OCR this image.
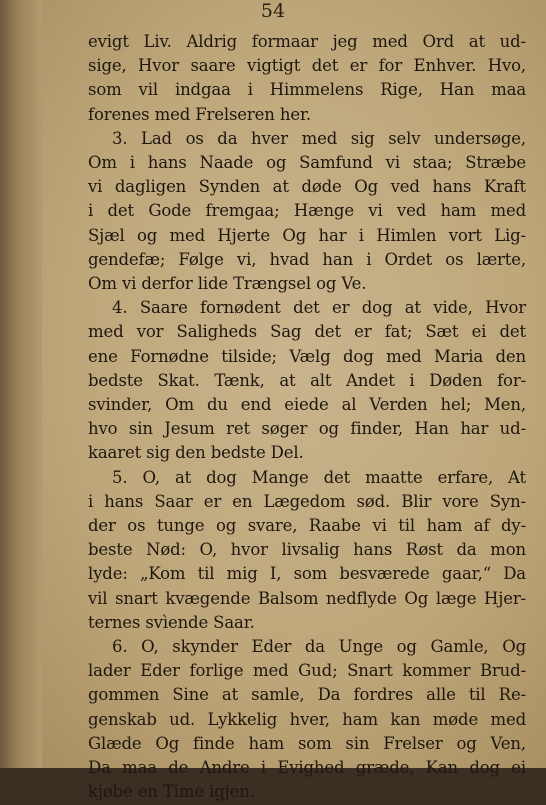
54
evigt Liv. Aldrig formaar jeg med Ord at ud-
sige, Hvor saare vigtigt det er for Enhver. Hvo,
som vil indgaa i Himmelens Rige, Han maa
forenes med Frelseren her.
3. Lad os da hver med sig selv undersøge,
Om i hans Naade og Samfund vi staa; Stræbe
vi dagligen Synden at døde Og ved hans Kraft
i det Gode fremgaa; Hænge vi ved ham med
Sjæl og med Hjerte Og har i Himlen vort Lig-
gendefæ; Følge vi, hvad han i Ordet os lærte,
Om vi derfor lide Trængsel og Ve.
4. Saare fornødent det er dog at vide, Hvor
med vor Saligheds Sag det er fat; Sæt ei det
ene Fornødne tilside; Vælg dog med Maria den
bedste Skat. Tænk, at alt Andet i Døden for-
svinder, Om du end eiede al Verden hel; Men,
hvo sin Jesum ret søger og finder, Han har ud-
kaaret sig den bedste Del.
5. O, at dog Mange det maatte erfare, At
i hans Saar er en Lægedom sød. Blir vore Syn-
der os tunge og svare, Raabe vi til ham af dy-
beste Nød: O, hvor livsalig hans Røst da mon
lyde: „Kom til mig I, som besværede gaar,“ Da
vil snart kvægende Balsom nedflyde Og læge Hjer-
ternes svìende Saar.
6. O, skynder Eder da Unge og Gamle, Og
lader Eder forlige med Gud; Snart kommer Brud-
gommen Sine at samle, Da fordres alle til Re-
genskab ud. Lykkelig hver, ham kan møde med
Glæde Og finde ham som sin Frelser og Ven,
Da maa de Andre i Evighed græde, Kan dog ei
kjøbe en Time igjen.
